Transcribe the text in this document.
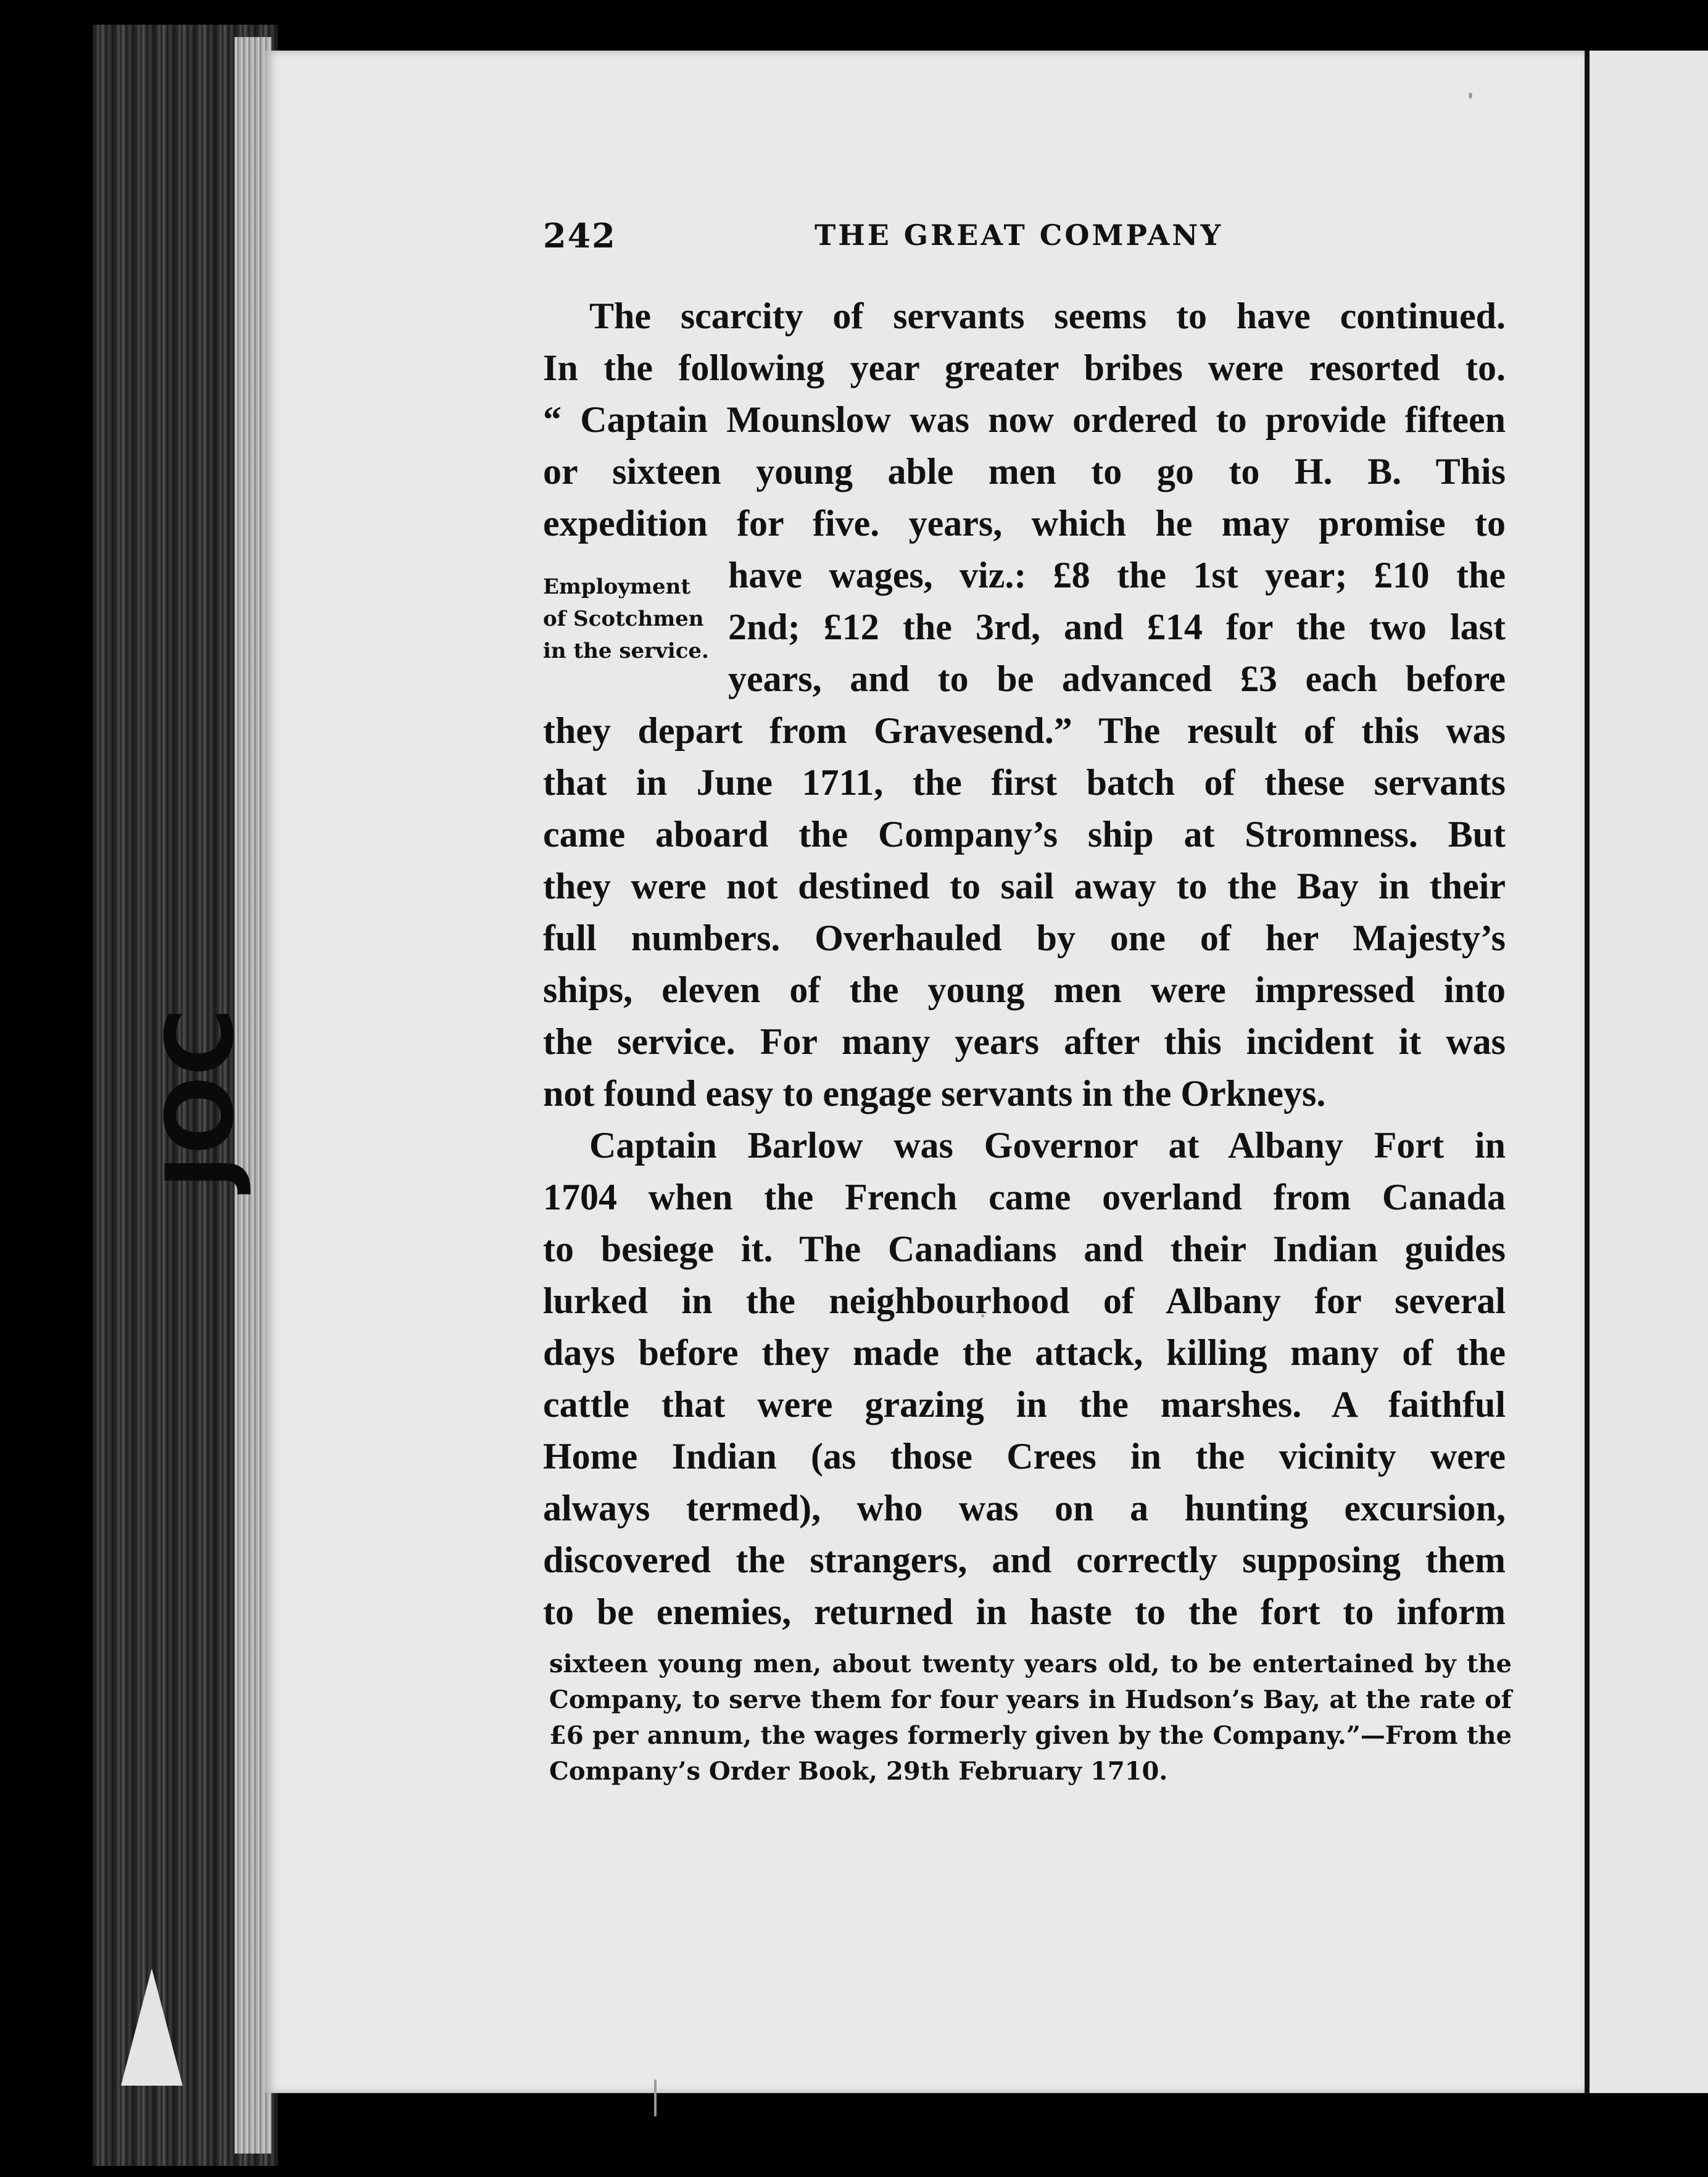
JOC
242	THE GREAT COMPANY
The scarcity of servants seems to have continued.
In the following year greater bribes were resorted to.
“ Captain Mounslow was now ordered to provide fifteen
or sixteen young able men to go to H. B. This
expedition for five. years, which he may promise to
have wages, viz.: £8 the 1st year; £10 the
2nd; £12 the 3rd, and £14 for the two last
years, and to be advanced £3 each before
they depart from Gravesend.” The result of this was
that in June 1711, the first batch of these servants
came aboard the Company’s ship at Stromness. But
they were not destined to sail away to the Bay in their
full numbers. Overhauled by one of her Majesty’s
ships, eleven of the young men were impressed into
the service. For many years after this incident it was
not found easy to engage servants in the Orkneys.
Captain Barlow was Governor at Albany Fort in
1704 when the French came overland from Canada
to besiege it. The Canadians and their Indian guides
lurked in the neighbourhood of Albany for several
days before they made the attack, killing many of the
cattle that were grazing in the marshes. A faithful
Home Indian (as those Crees in the vicinity were
always termed), who was on a hunting excursion,
discovered the strangers, and correctly supposing them
to be enemies, returned in haste to the fort to inform
Employment
of Scotchmen
in the service.
sixteen young men, about twenty years old, to be entertained by the
Company, to serve them for four years in Hudson’s Bay, at the rate of
£6 per annum, the wages formerly given by the Company.”—From the
Company’s Order Book, 29th February 1710.
